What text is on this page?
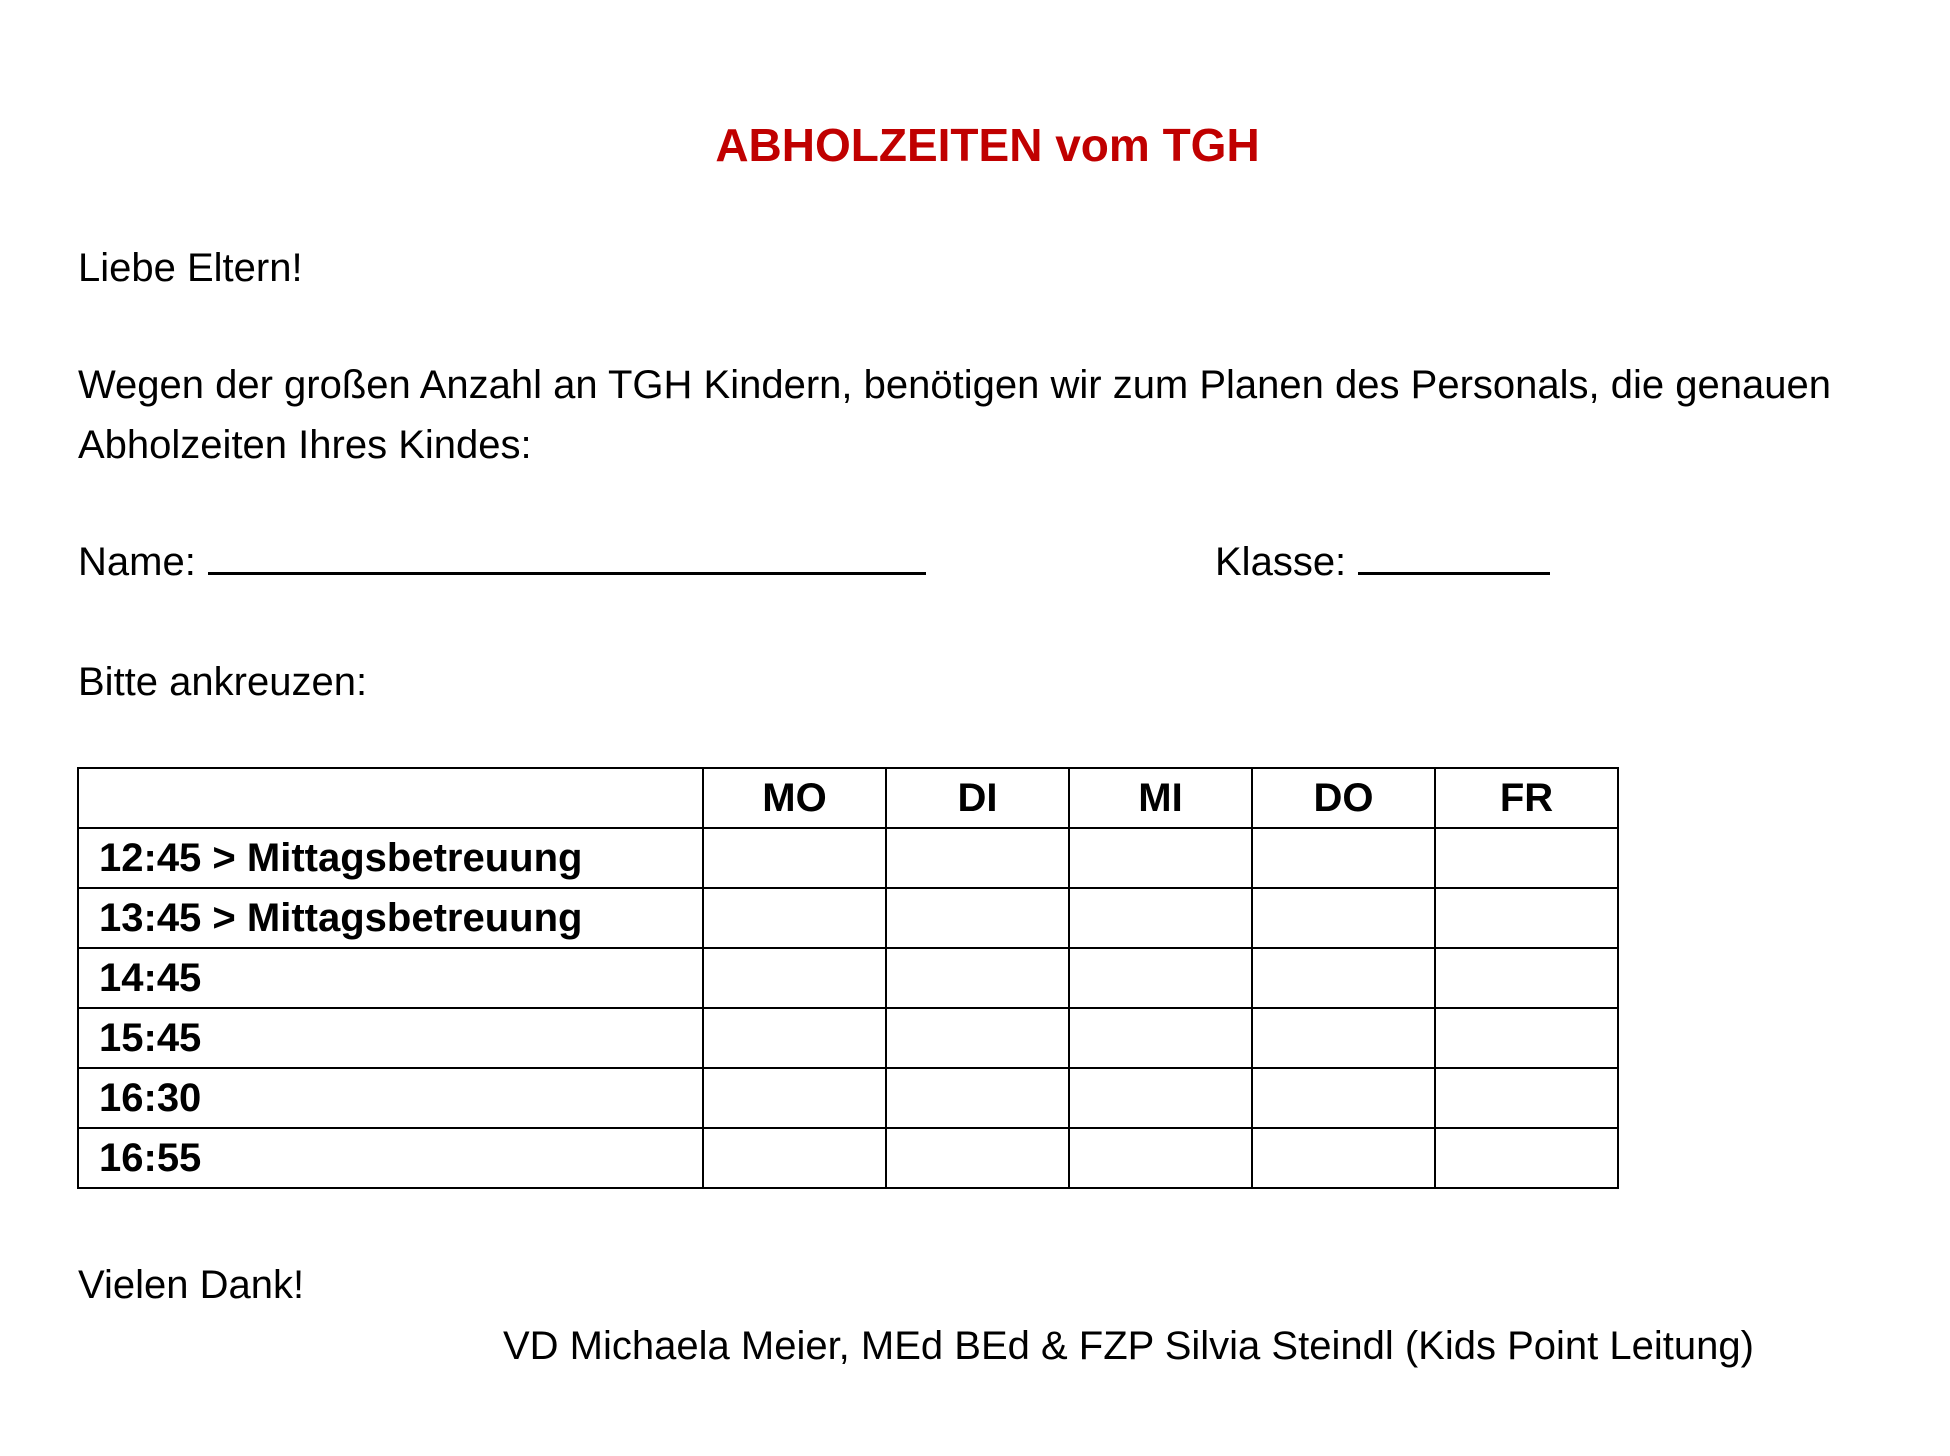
ABHOLZEITEN vom TGH
Liebe Eltern!
Wegen der großen Anzahl an TGH Kindern, benötigen wir zum Planen des Personals, die genauen Abholzeiten Ihres Kindes:
Name:	Klasse:
Bitte ankreuzen:
	MO	DI	MI	DO	FR
12:45 > Mittagsbetreuung					
13:45 > Mittagsbetreuung					
14:45					
15:45					
16:30					
16:55					
Vielen Dank!
VD Michaela Meier, MEd BEd & FZP Silvia Steindl (Kids Point Leitung)
